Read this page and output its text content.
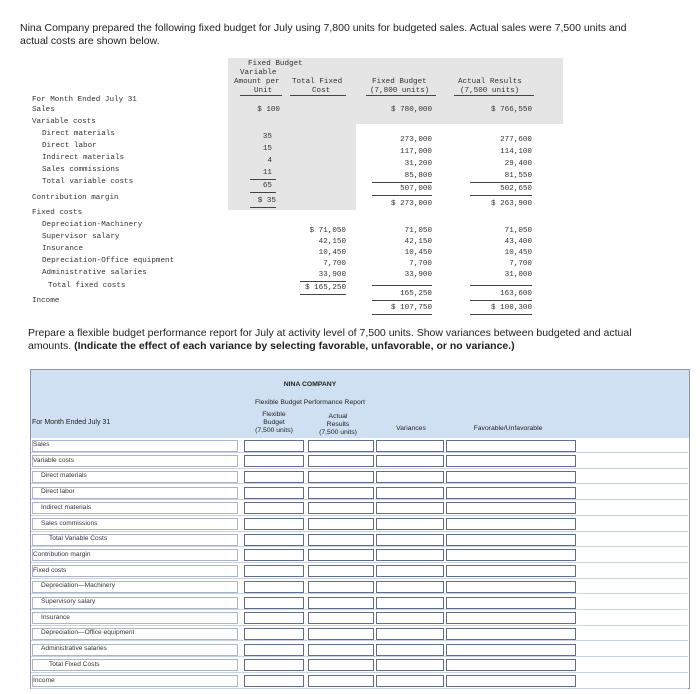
Nina Company prepared the following fixed budget for July using 7,800 units for budgeted sales. Actual sales were 7,500 units and
actual costs are shown below.
Fixed Budget
Variable
Amount per
Unit
Total Fixed
Cost
Fixed Budget
(7,800 units)
Actual Results
(7,500 units)
For Month Ended July 31
Sales
Variable costs
Direct materials
Direct labor
Indirect materials
Sales commissions
Total variable costs
Contribution margin
Fixed costs
Depreciation-Machinery
Supervisor salary
Insurance
Depreciation-Office equipment
Administrative salaries
Total fixed costs
Income
$ 100
35
15
4
11
65
$ 35
$ 71,050
42,150
10,450
7,700
33,900
$ 165,250
$ 780,000
273,000
117,000
31,200
85,800
507,000
$ 273,000
71,050
42,150
10,450
7,700
33,900
165,250
$ 107,750
$ 766,550
277,600
114,100
29,400
81,550
502,650
$ 263,900
71,050
43,400
10,450
7,700
31,000
163,600
$ 100,300
Prepare a flexible budget performance report for July at activity level of 7,500 units. Show variances between budgeted and actual
amounts. (Indicate the effect of each variance by selecting favorable, unfavorable, or no variance.)
NINA COMPANY
Flexible Budget Performance Report
For Month Ended July 31
Flexible
Budget
(7,500 units)
Actual
Results
(7,500 units)
Variances	Favorable/Unfavorable
Sales
Variable costs
Direct materials
Direct labor
Indirect materials
Sales commissions
Total Variable Costs
Contribution margin
Fixed costs
Depreciation—Machinery
Supervisory salary
Insurance
Depreciation—Office equipment
Administrative salaries
Total Fixed Costs
Income
